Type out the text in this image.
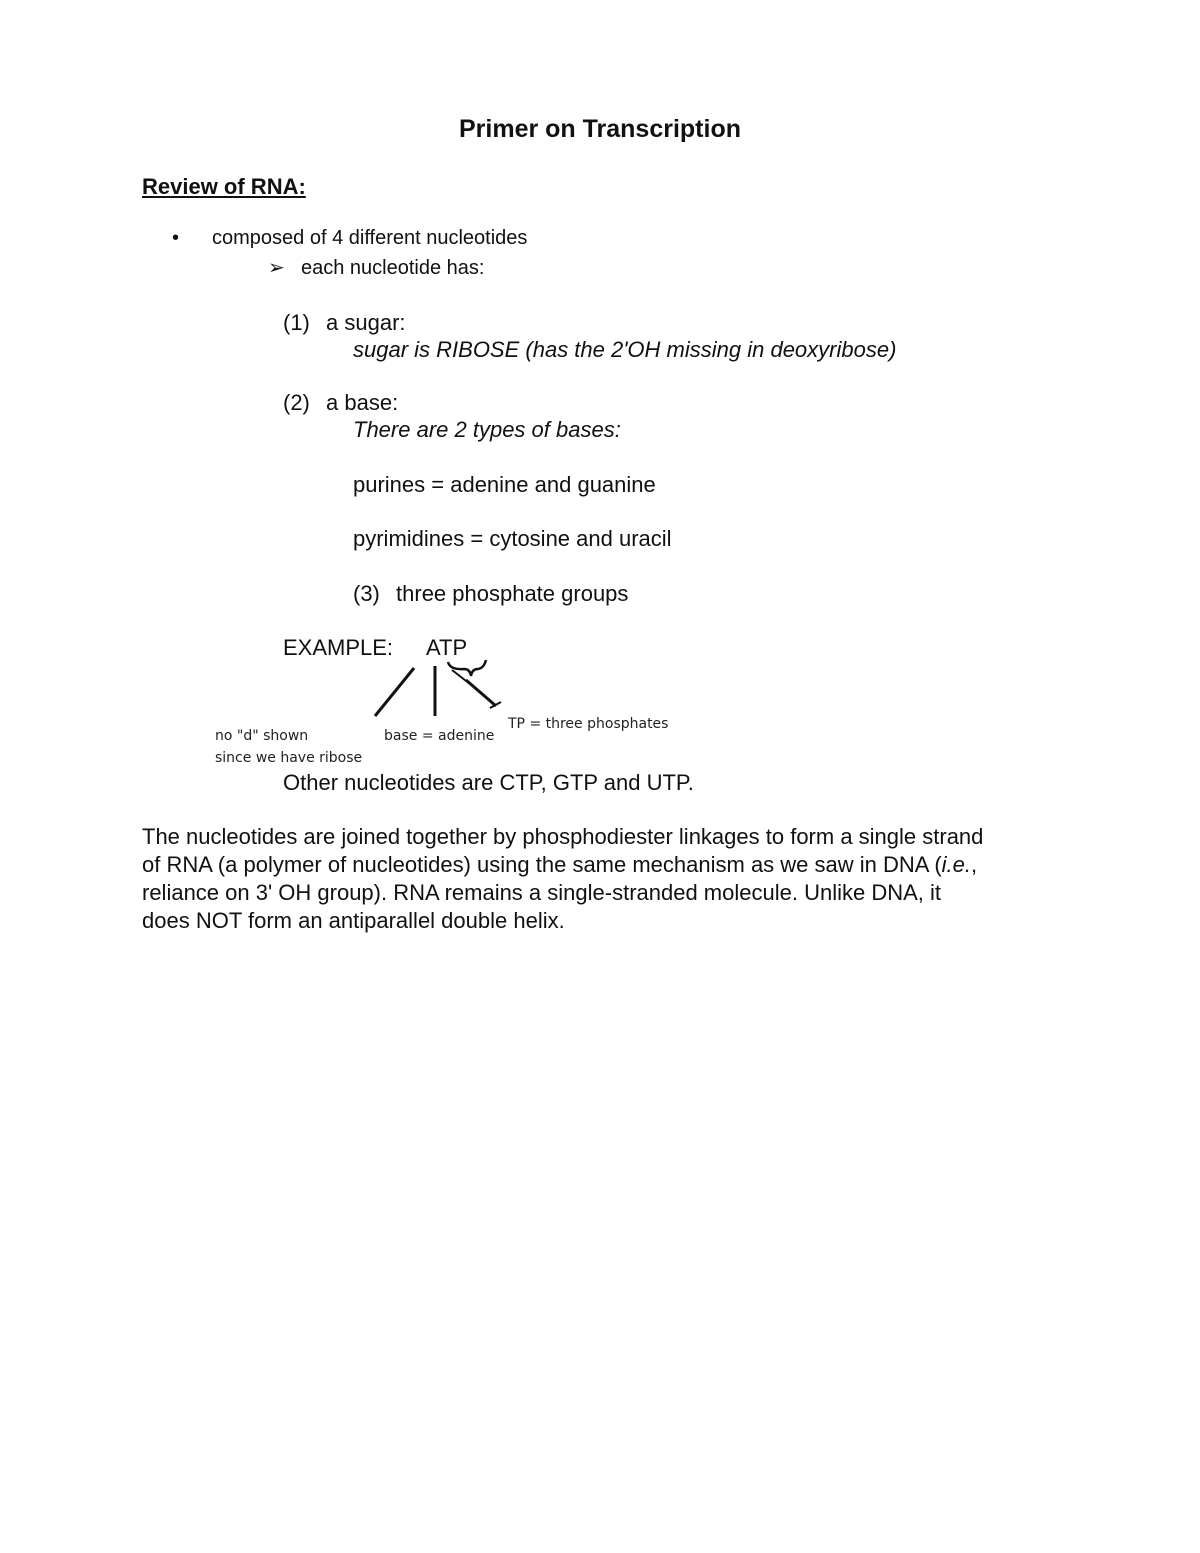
Primer on Transcription
Review of RNA:
• composed of 4 different nucleotides
➢ each nucleotide has:
(1) a sugar:
sugar is RIBOSE (has the 2'OH missing in deoxyribose)
(2) a base:
There are 2 types of bases:
purines = adenine and guanine
pyrimidines = cytosine and uracil
(3) three phosphate groups
EXAMPLE: ATP
no "d" shown
since we have ribose
base = adenine
TP = three phosphates
Other nucleotides are CTP, GTP and UTP.

The nucleotides are joined together by phosphodiester linkages to form a single strand

of RNA (a polymer of nucleotides) using the same mechanism as we saw in DNA (i.e.,

reliance on 3' OH group). RNA remains a single-stranded molecule. Unlike DNA, it

does NOT form an antiparallel double helix.
